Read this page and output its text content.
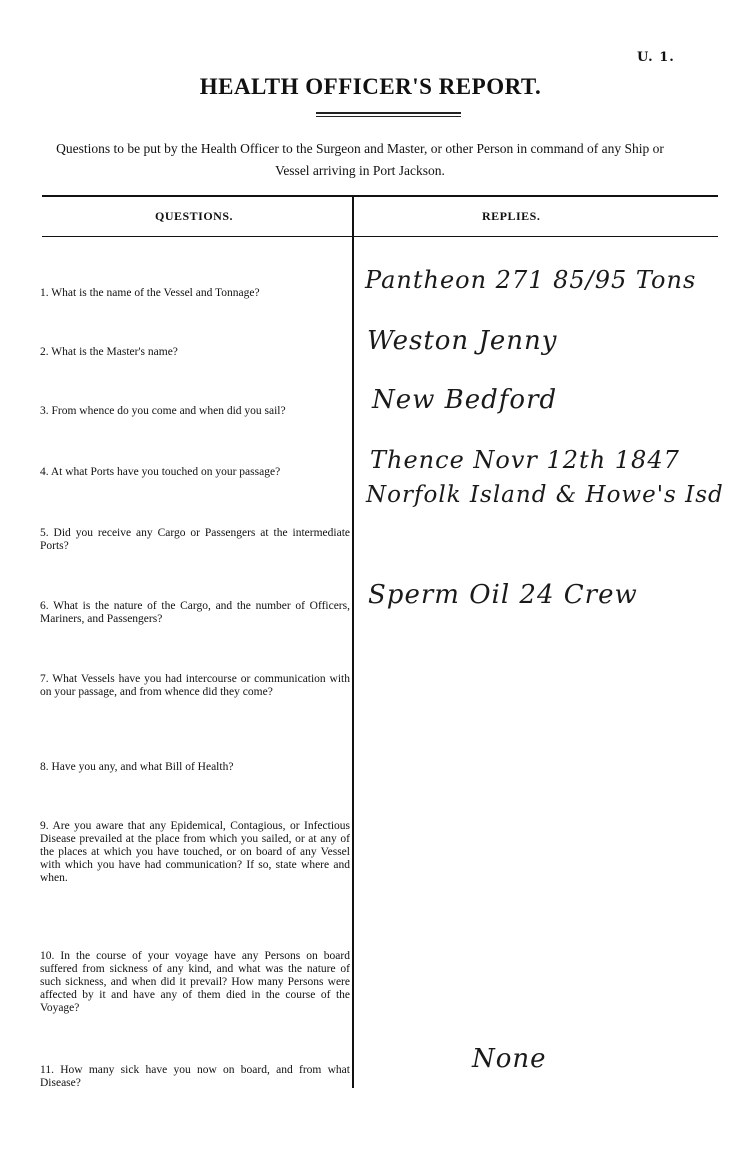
U. 1.
HEALTH OFFICER'S REPORT.
Questions to be put by the Health Officer to the Surgeon and Master, or other Person in command of any Ship or Vessel arriving in Port Jackson.
QUESTIONS.	REPLIES.
1. What is the name of the Vessel and Tonnage?
2. What is the Master's name?
3. From whence do you come and when did you sail?
4. At what Ports have you touched on your passage?
5. Did you receive any Cargo or Passengers at the intermediate Ports?
6. What is the nature of the Cargo, and the number of Officers, Mariners, and Passengers?
7. What Vessels have you had intercourse or communication with on your passage, and from whence did they come?
8. Have you any, and what Bill of Health?
9. Are you aware that any Epidemical, Contagious, or Infectious Disease prevailed at the place from which you sailed, or at any of the places at which you have touched, or on board of any Vessel with which you have had communication? If so, state where and when.
10. In the course of your voyage have any Persons on board suffered from sickness of any kind, and what was the nature of such sickness, and when did it prevail? How many Persons were affected by it and have any of them died in the course of the Voyage?
11. How many sick have you now on board, and from what Disease?
Pantheon 271 85/95 Tons
Weston Jenny
New Bedford
Thence Novr 12th 1847
Norfolk Island & Howe's Isd
Sperm Oil 24 Crew
None
